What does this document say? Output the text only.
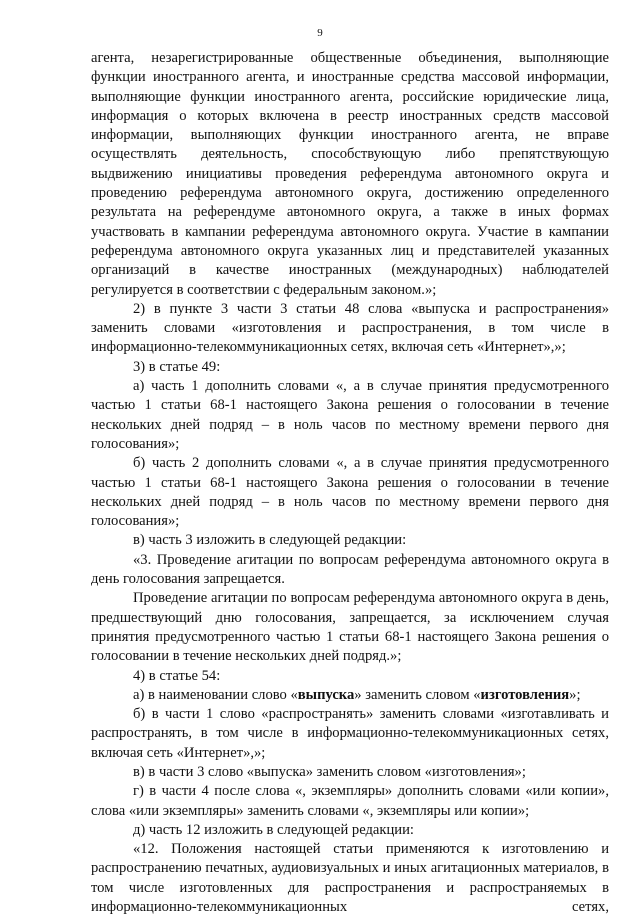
9

агента, незарегистрированные общественные объединения, выполняющие функции иностранного агента, и иностранные средства массовой информации, выполняющие функции иностранного агента, российские юридические лица, информация о которых включена в реестр иностранных средств массовой информации, выполняющих функции иностранного агента, не вправе осуществлять деятельность, способствующую либо препятствующую выдвижению инициативы проведения референдума автономного округа и проведению референдума автономного округа, достижению определенного результата на референдуме автономного округа, а также в иных формах участвовать в кампании референдума автономного округа. Участие в кампании референдума автономного округа указанных лиц и представителей указанных организаций в качестве иностранных (международных) наблюдателей регулируется в соответствии с федеральным законом.»;

2) в пункте 3 части 3 статьи 48 слова «выпуска и распространения» заменить словами «изготовления и распространения, в том числе в информационно-телекоммуникационных сетях, включая сеть «Интернет»,»;

3) в статье 49:

а) часть 1 дополнить словами «, а в случае принятия предусмотренного частью 1 статьи 68-1 настоящего Закона решения о голосовании в течение нескольких дней подряд – в ноль часов по местному времени первого дня голосования»;

б) часть 2 дополнить словами «, а в случае принятия предусмотренного частью 1 статьи 68-1 настоящего Закона решения о голосовании в течение нескольких дней подряд – в ноль часов по местному времени первого дня голосования»;

в) часть 3 изложить в следующей редакции:

«3. Проведение агитации по вопросам референдума автономного округа в день голосования запрещается.

Проведение агитации по вопросам референдума автономного округа в день, предшествующий дню голосования, запрещается, за исключением случая принятия предусмотренного частью 1 статьи 68-1 настоящего Закона решения о голосовании в течение нескольких дней подряд.»;

4) в статье 54:

а) в наименовании слово «выпуска» заменить словом «изготовления»;

б) в части 1 слово «распространять» заменить словами «изготавливать и распространять, в том числе в информационно-телекоммуникационных сетях, включая сеть «Интернет»,»;

в) в части 3 слово «выпуска» заменить словом «изготовления»;

г) в части 4 после слова «, экземпляры» дополнить словами «или копии», слова «или экземпляры» заменить словами «, экземпляры или копии»;

д) часть 12 изложить в следующей редакции:

«12. Положения настоящей статьи применяются к изготовлению и распространению печатных, аудиовизуальных и иных агитационных материалов, в том числе изготовленных для распространения и распространяемых в информационно-телекоммуникационных сетях,
